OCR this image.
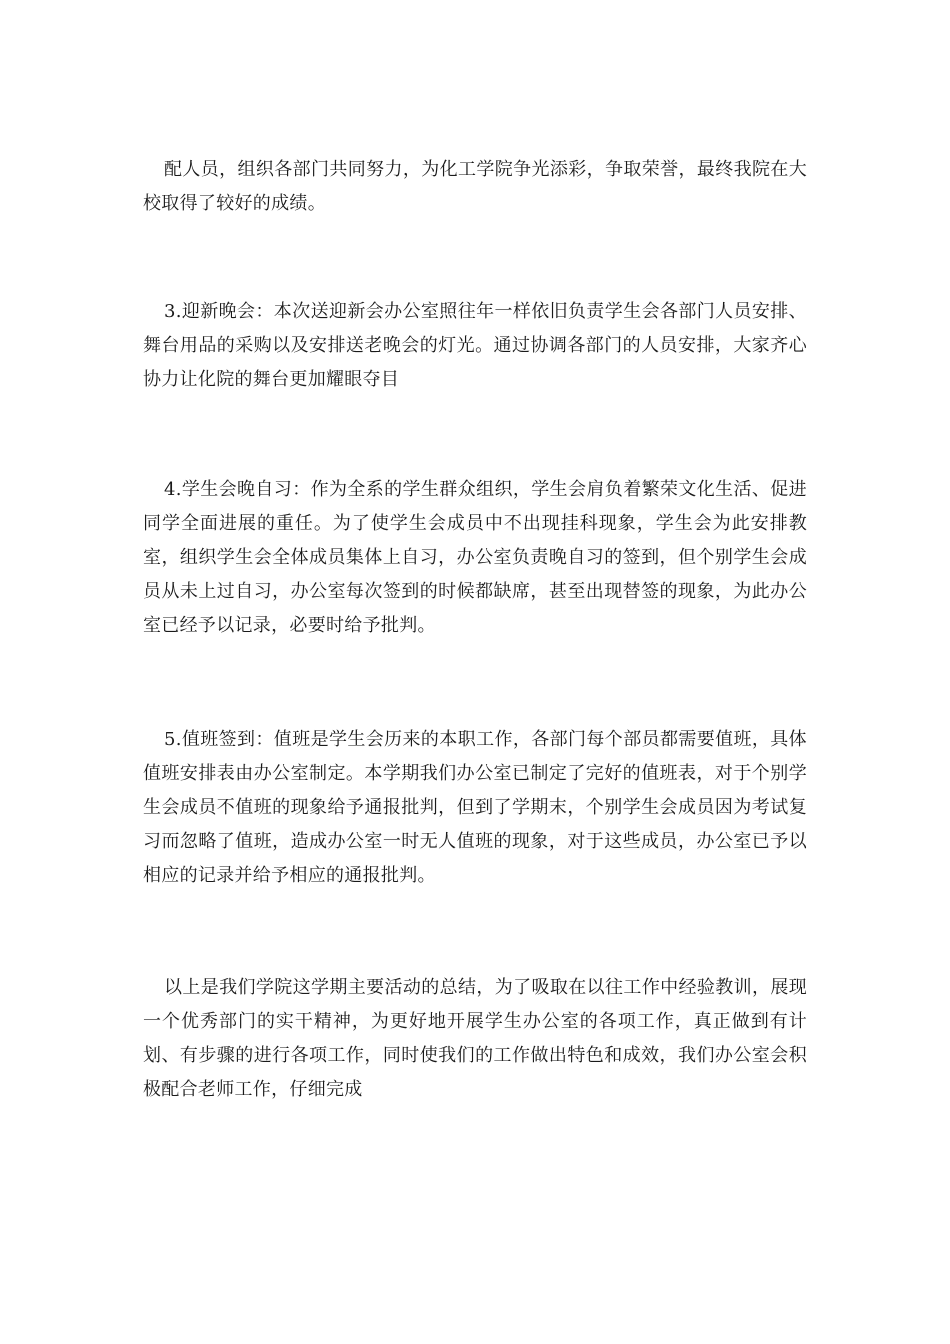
配人员，组织各部门共同努力，为化工学院争光添彩，争取荣誉，最终我院在大校取得了较好的成绩。

3.迎新晚会：本次送迎新会办公室照往年一样依旧负责学生会各部门人员安排、舞台用品的采购以及安排送老晚会的灯光。通过协调各部门的人员安排，大家齐心协力让化院的舞台更加耀眼夺目

4.学生会晚自习：作为全系的学生群众组织，学生会肩负着繁荣文化生活、促进同学全面进展的重任。为了使学生会成员中不出现挂科现象，学生会为此安排教室，组织学生会全体成员集体上自习，办公室负责晚自习的签到，但个别学生会成员从未上过自习，办公室每次签到的时候都缺席，甚至出现替签的现象，为此办公室已经予以记录，必要时给予批判。

5.值班签到：值班是学生会历来的本职工作，各部门每个部员都需要值班，具体值班安排表由办公室制定。本学期我们办公室已制定了完好的值班表，对于个别学生会成员不值班的现象给予通报批判，但到了学期末，个别学生会成员因为考试复习而忽略了值班，造成办公室一时无人值班的现象，对于这些成员，办公室已予以相应的记录并给予相应的通报批判。

以上是我们学院这学期主要活动的总结，为了吸取在以往工作中经验教训，展现一个优秀部门的实干精神，为更好地开展学生办公室的各项工作，真正做到有计划、有步骤的进行各项工作，同时使我们的工作做出特色和成效，我们办公室会积极配合老师工作，仔细完成
